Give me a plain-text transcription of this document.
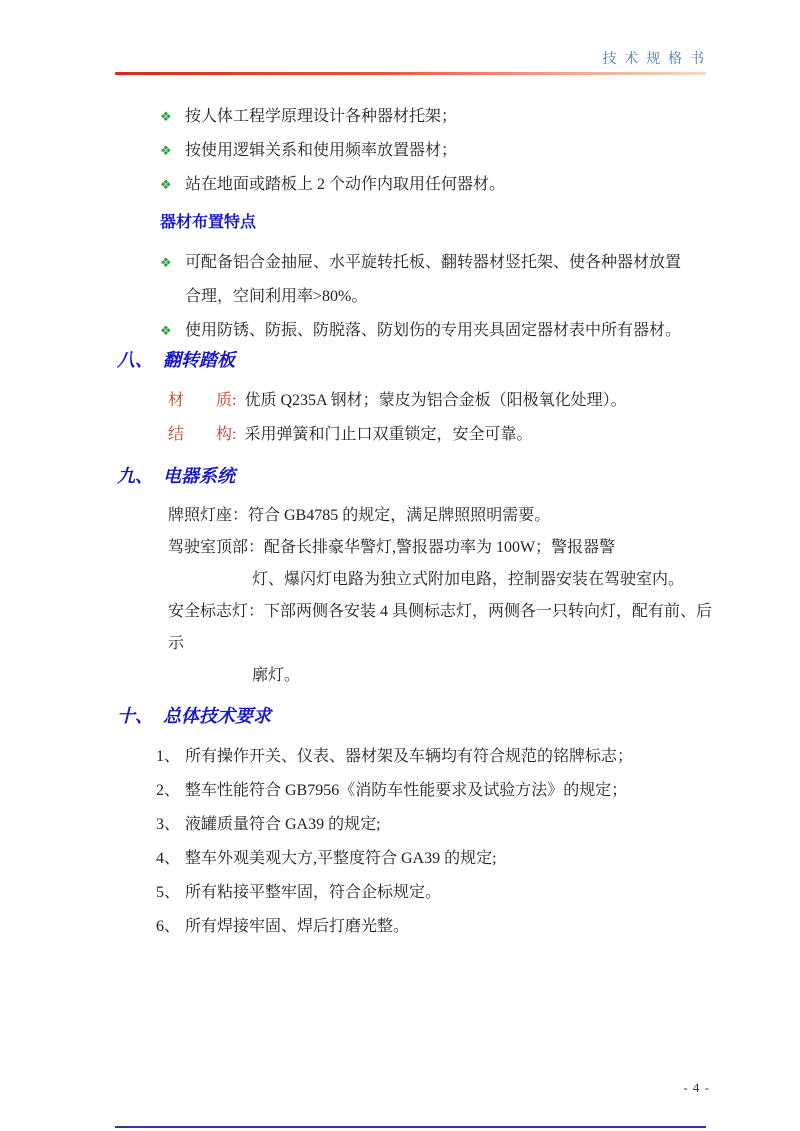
技 术 规 格 书
❖ 按人体工程学原理设计各种器材托架；
❖ 按使用逻辑关系和使用频率放置器材；
❖ 站在地面或踏板上 2 个动作内取用任何器材。
器材布置特点
❖ 可配备铝合金抽屉、水平旋转托板、翻转器材竖托架、使各种器材放置
合理，空间利用率>80%。
❖ 使用防锈、防振、防脱落、防划伤的专用夹具固定器材表中所有器材。
八、 翻转踏板
材　　质: 优质 Q235A 钢材；蒙皮为铝合金板（阳极氧化处理）。
结　　构: 采用弹簧和门止口双重锁定，安全可靠。
九、 电器系统
牌照灯座：符合 GB4785 的规定，满足牌照照明需要。
驾驶室顶部：配备长排豪华警灯,警报器功率为 100W；警报器警
灯、爆闪灯电路为独立式附加电路，控制器安装在驾驶室内。
安全标志灯：下部两侧各安装 4 具侧标志灯，两侧各一只转向灯，配有前、后示
廓灯。
十、 总体技术要求
1、 所有操作开关、仪表、器材架及车辆均有符合规范的铭牌标志；
2、 整车性能符合 GB7956《消防车性能要求及试验方法》的规定；
3、 液罐质量符合 GA39 的规定;
4、 整车外观美观大方,平整度符合 GA39 的规定;
5、 所有粘接平整牢固，符合企标规定。
6、 所有焊接牢固、焊后打磨光整。
- 4 -
